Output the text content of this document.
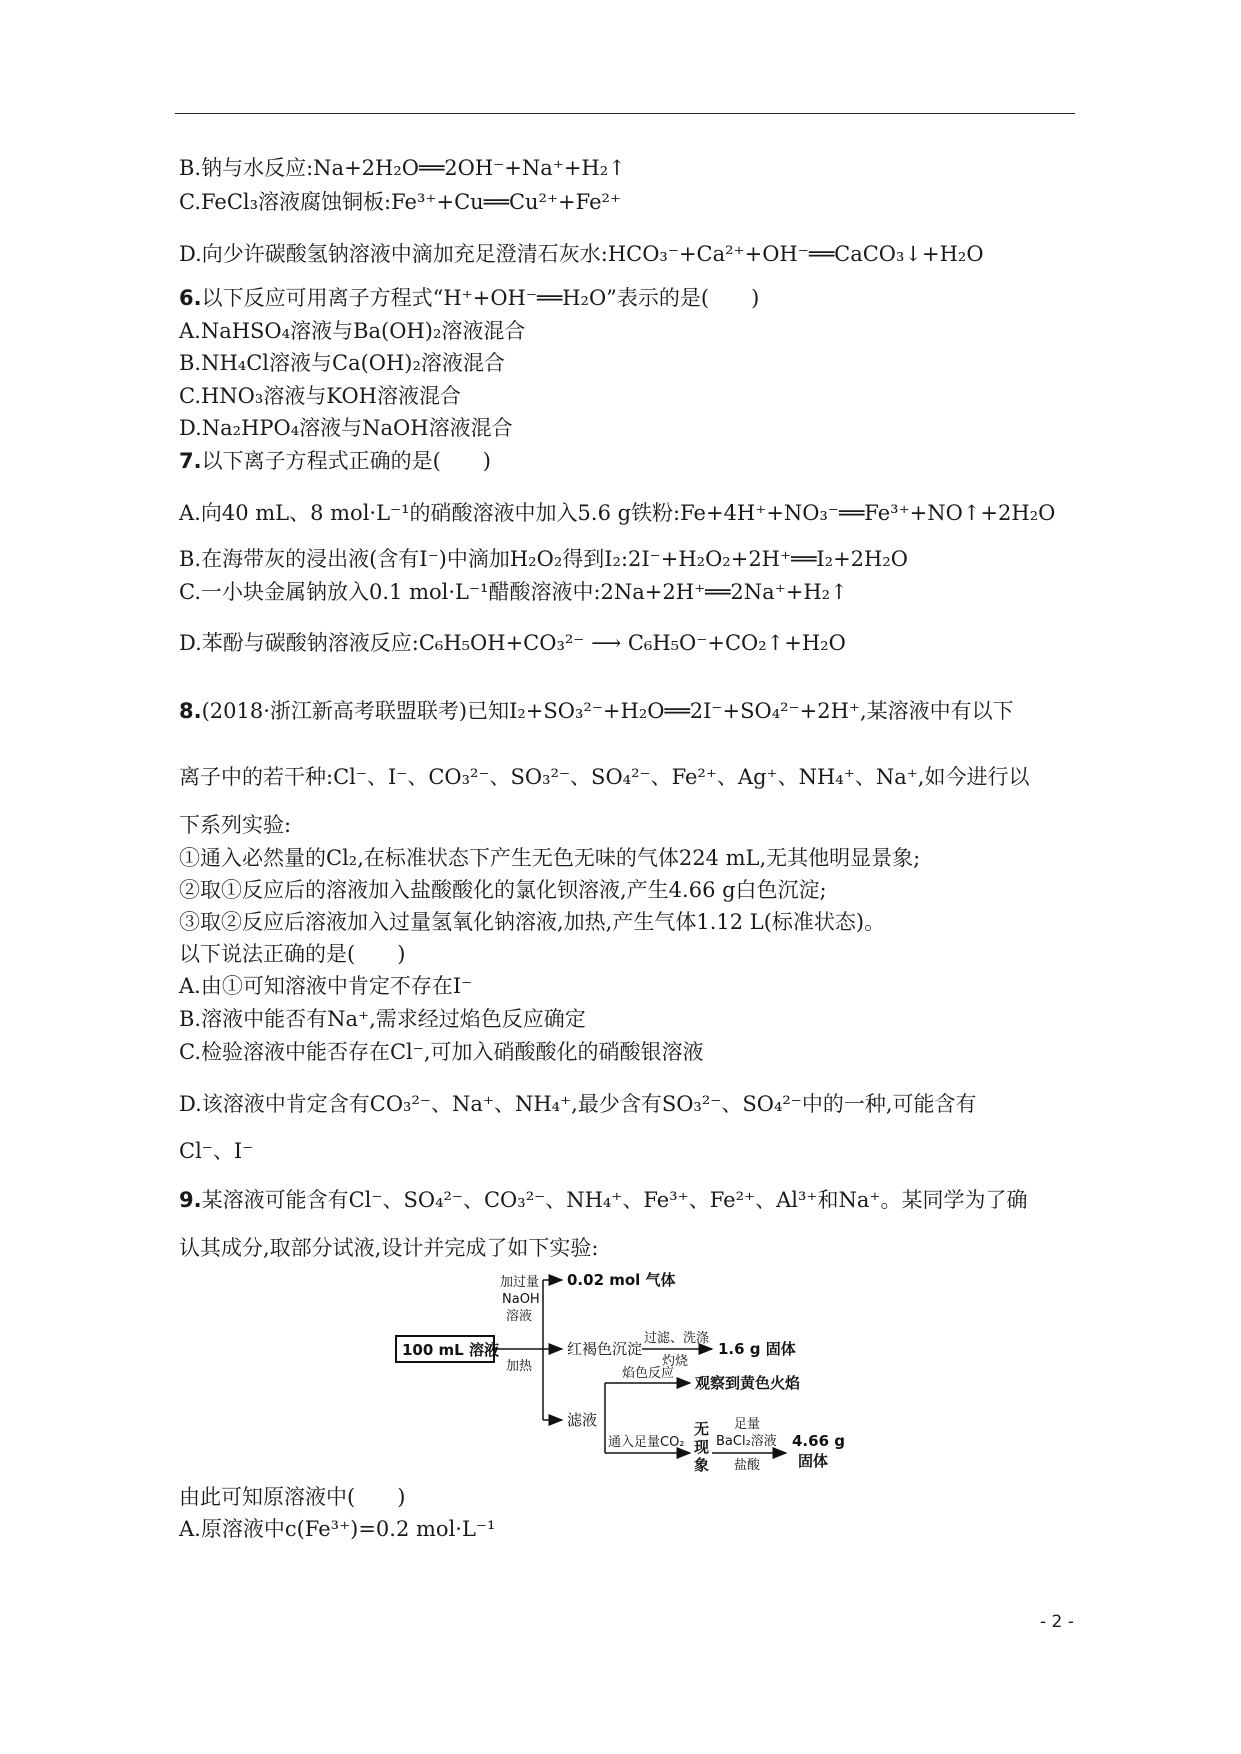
B.钠与水反应:Na+2H₂O══2OH⁻+Na⁺+H₂↑
C.FeCl₃溶液腐蚀铜板:Fe³⁺+Cu══Cu²⁺+Fe²⁺
D.向少许碳酸氢钠溶液中滴加充足澄清石灰水:HCO₃⁻+Ca²⁺+OH⁻══CaCO₃↓+H₂O
6.以下反应可用离子方程式“H⁺+OH⁻══H₂O”表示的是(　　)
A.NaHSO₄溶液与Ba(OH)₂溶液混合
B.NH₄Cl溶液与Ca(OH)₂溶液混合
C.HNO₃溶液与KOH溶液混合
D.Na₂HPO₄溶液与NaOH溶液混合
7.以下离子方程式正确的是(　　)
A.向40 mL、8 mol·L⁻¹的硝酸溶液中加入5.6 g铁粉:Fe+4H⁺+NO₃⁻══Fe³⁺+NO↑+2H₂O
B.在海带灰的浸出液(含有I⁻)中滴加H₂O₂得到I₂:2I⁻+H₂O₂+2H⁺══I₂+2H₂O
C.一小块金属钠放入0.1 mol·L⁻¹醋酸溶液中:2Na+2H⁺══2Na⁺+H₂↑
D.苯酚与碳酸钠溶液反应:C₆H₅OH+CO₃²⁻ ⟶ C₆H₅O⁻+CO₂↑+H₂O
8.(2018·浙江新高考联盟联考)已知I₂+SO₃²⁻+H₂O══2I⁻+SO₄²⁻+2H⁺,某溶液中有以下
离子中的若干种:Cl⁻、I⁻、CO₃²⁻、SO₃²⁻、SO₄²⁻、Fe²⁺、Ag⁺、NH₄⁺、Na⁺,如今进行以
下系列实验:
①通入必然量的Cl₂,在标准状态下产生无色无味的气体224 mL,无其他明显景象;
②取①反应后的溶液加入盐酸酸化的氯化钡溶液,产生4.66 g白色沉淀;
③取②反应后溶液加入过量氢氧化钠溶液,加热,产生气体1.12 L(标准状态)。
以下说法正确的是(　　)
A.由①可知溶液中肯定不存在I⁻
B.溶液中能否有Na⁺,需求经过焰色反应确定
C.检验溶液中能否存在Cl⁻,可加入硝酸酸化的硝酸银溶液
D.该溶液中肯定含有CO₃²⁻、Na⁺、NH₄⁺,最少含有SO₃²⁻、SO₄²⁻中的一种,可能含有
Cl⁻、I⁻
9.某溶液可能含有Cl⁻、SO₄²⁻、CO₃²⁻、NH₄⁺、Fe³⁺、Fe²⁺、Al³⁺和Na⁺。某同学为了确
认其成分,取部分试液,设计并完成了如下实验:
100 mL 溶液
加过量
NaOH
溶液
加热
0.02 mol 气体
红褐色沉淀
过滤、洗涤
灼烧
1.6 g 固体
滤液
焰色反应
观察到黄色火焰
通入足量CO₂
无
现
象
足量
BaCl₂溶液
盐酸
4.66 g
固体
由此可知原溶液中(　　)
A.原溶液中c(Fe³⁺)=0.2 mol·L⁻¹
- 2 -
